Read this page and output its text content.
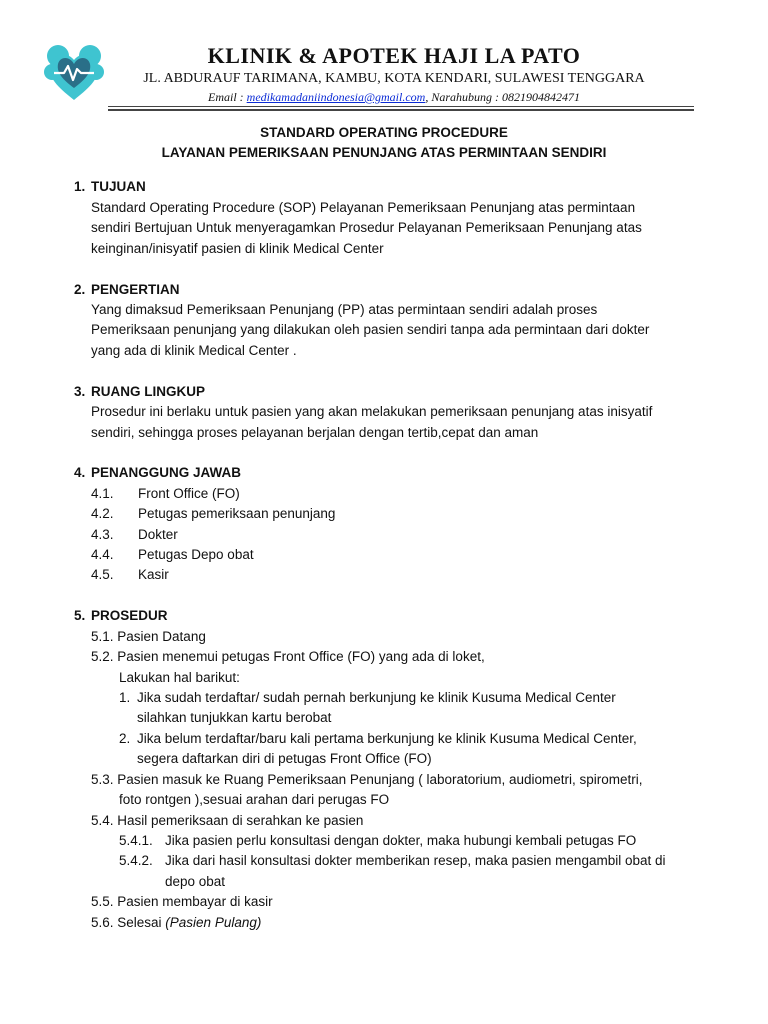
KLINIK & APOTEK HAJI LA PATO
JL. ABDURAUF TARIMANA, KAMBU, KOTA KENDARI, SULAWESI TENGGARA
Email : medikamadaniindonesia@gmail.com, Narahubung : 0821904842471
STANDARD OPERATING PROCEDURE
LAYANAN PEMERIKSAAN PENUNJANG ATAS PERMINTAAN SENDIRI
1. TUJUAN
Standard Operating Procedure (SOP) Pelayanan Pemeriksaan Penunjang atas permintaan
sendiri Bertujuan Untuk menyeragamkan Prosedur Pelayanan Pemeriksaan Penunjang atas
keinginan/inisyatif pasien di klinik Medical Center
2. PENGERTIAN
Yang dimaksud Pemeriksaan Penunjang (PP) atas permintaan sendiri adalah proses
Pemeriksaan penunjang yang dilakukan oleh pasien sendiri tanpa ada permintaan dari dokter
yang ada di klinik Medical Center .
3. RUANG LINGKUP
Prosedur ini berlaku untuk pasien yang akan melakukan pemeriksaan penunjang atas inisyatif
sendiri, sehingga proses pelayanan berjalan dengan tertib,cepat dan aman
4. PENANGGUNG JAWAB
4.1. Front Office (FO)
4.2. Petugas pemeriksaan penunjang
4.3. Dokter
4.4. Petugas Depo obat
4.5. Kasir
5. PROSEDUR
5.1. Pasien Datang
5.2. Pasien menemui petugas Front Office (FO) yang ada di loket,
Lakukan hal barikut:
1. Jika sudah terdaftar/ sudah pernah berkunjung ke klinik Kusuma Medical Center
silahkan tunjukkan kartu berobat
2. Jika belum terdaftar/baru kali pertama berkunjung ke klinik Kusuma Medical Center,
segera daftarkan diri di petugas Front Office (FO)
5.3. Pasien masuk ke Ruang Pemeriksaan Penunjang ( laboratorium, audiometri, spirometri,
foto rontgen ),sesuai arahan dari perugas FO
5.4. Hasil pemeriksaan di serahkan ke pasien
5.4.1. Jika pasien perlu konsultasi dengan dokter, maka hubungi kembali petugas FO
5.4.2. Jika dari hasil konsultasi dokter memberikan resep, maka pasien mengambil obat di
depo obat
5.5. Pasien membayar di kasir
5.6. Selesai (Pasien Pulang)
